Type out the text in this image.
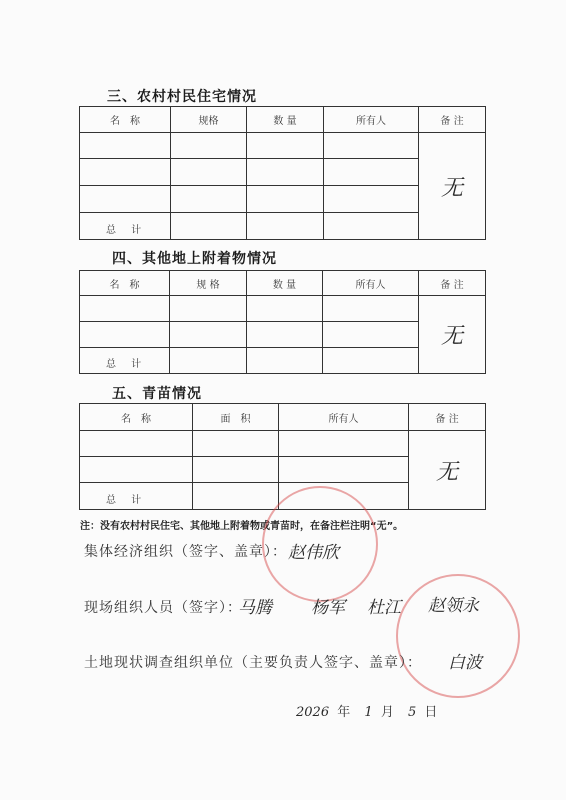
三、农村村民住宅情况
名　称	规格	数 量	所有人	备 注
				无

总 计				
四、其他地上附着物情况
名　称	规 格	数 量	所有人	备 注
				无

总 计				
五、青苗情况
名　称	面　积	所有人	备 注
			无

总 计			
注：没有农村村民住宅、其他地上附着物或青苗时，在备注栏注明“无”。
集体经济组织（签字、盖章）： 赵伟欣
现场组织人员（签字）：
马腾 杨军 杜江 赵领永
土地现状调查组织单位（主要负责人签字、盖章）： 白波
2026 年 1 月 5 日
